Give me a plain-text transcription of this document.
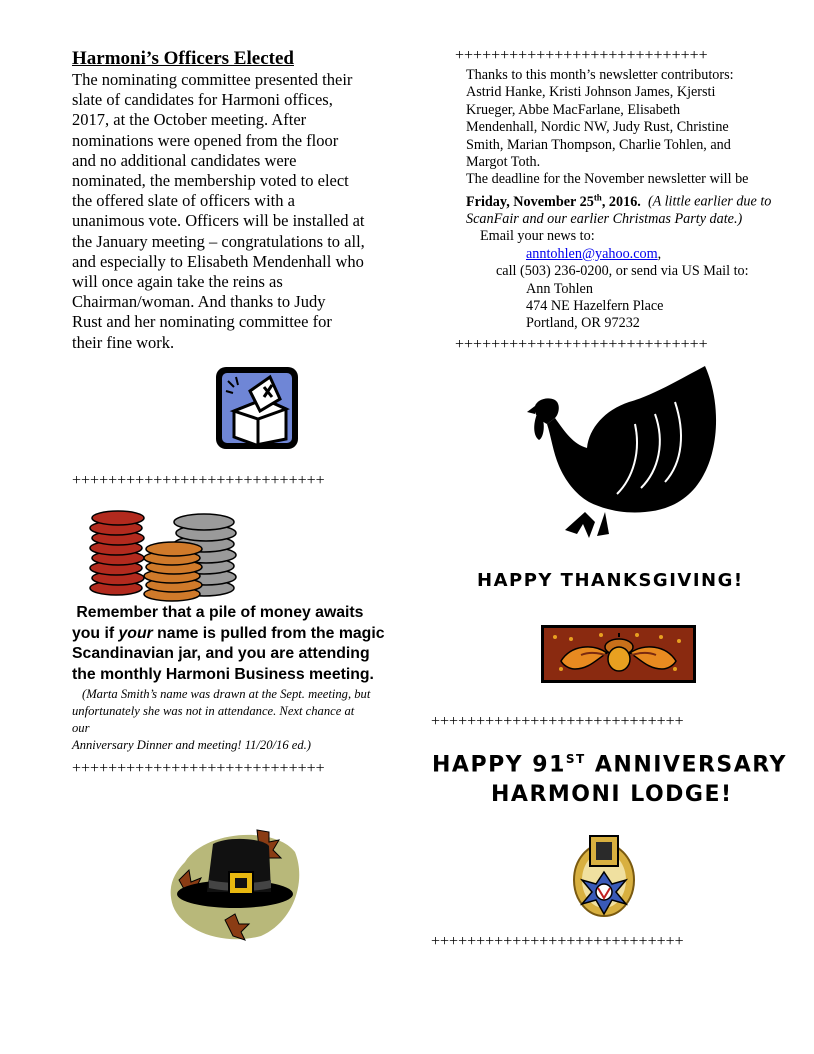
Harmoni’s Officers Elected

The nominating committee presented their

slate of candidates for Harmoni offices,

2017, at the October meeting. After

nominations were opened from the floor

and no additional candidates were

nominated, the membership voted to elect

the offered slate of officers with a

unanimous vote. Officers will be installed at

the January meeting – congratulations to all,

and especially to Elisabeth Mendenhall who

will once again take the reins as

Chairman/woman. And thanks to Judy

Rust and her nominating committee for

their fine work.

++++++++++++++++++++++++++++
Remember that a pile of money awaits
you if your name is pulled from the magic
Scandinavian jar, and you are attending
the monthly Harmoni Business meeting.
(Marta Smith’s name was drawn at the Sept. meeting, but
unfortunately she was not in attendance. Next chance at our
Anniversary Dinner and meeting! 11/20/16 ed.)
++++++++++++++++++++++++++++
++++++++++++++++++++++++++++
Thanks to this month’s newsletter contributors:
Astrid Hanke, Kristi Johnson James, Kjersti
Krueger, Abbe MacFarlane, Elisabeth
Mendenhall, Nordic NW, Judy Rust, Christine
Smith, Marian Thompson, Charlie Tohlen, and
Margot Toth.
The deadline for the November newsletter will be
Friday, November 25th, 2016. (A little earlier due to
ScanFair and our earlier Christmas Party date.)
Email your news to:
anntohlen@yahoo.com,
call (503) 236-0200, or send via US Mail to:
Ann Tohlen
474 NE Hazelfern Place
Portland, OR 97232
++++++++++++++++++++++++++++
HAPPY THANKSGIVING!
++++++++++++++++++++++++++++
HAPPY 91ST ANNIVERSARY
HARMONI LODGE!
++++++++++++++++++++++++++++
